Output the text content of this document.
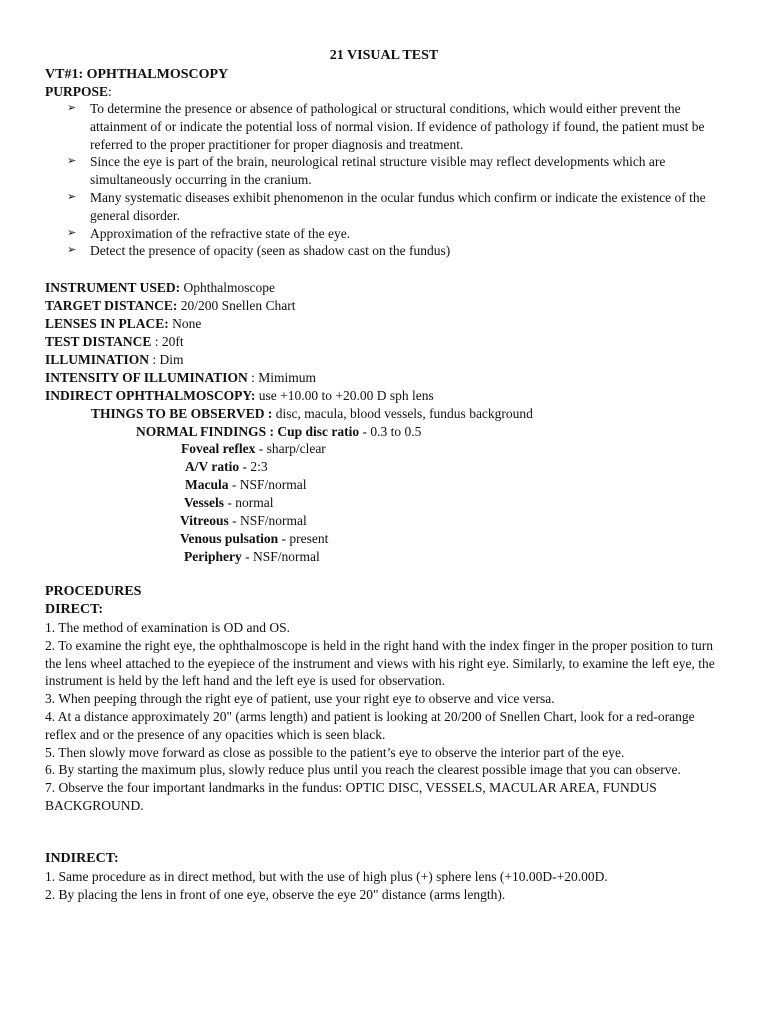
21 VISUAL TEST
VT#1: OPHTHALMOSCOPY
PURPOSE:
➢ To determine the presence or absence of pathological or structural conditions, which would either prevent the attainment of or indicate the potential loss of normal vision. If evidence of pathology if found, the patient must be referred to the proper practitioner for proper diagnosis and treatment.
➢ Since the eye is part of the brain, neurological retinal structure visible may reflect developments which are simultaneously occurring in the cranium.
➢ Many systematic diseases exhibit phenomenon in the ocular fundus which confirm or indicate the existence of the general disorder.
➢ Approximation of the refractive state of the eye.
➢ Detect the presence of opacity (seen as shadow cast on the fundus)
INSTRUMENT USED: Ophthalmoscope
TARGET DISTANCE: 20/200 Snellen Chart
LENSES IN PLACE: None
TEST DISTANCE : 20ft
ILLUMINATION : Dim
INTENSITY OF ILLUMINATION : Mimimum
INDIRECT OPHTHALMOSCOPY: use +10.00 to +20.00 D sph lens
THINGS TO BE OBSERVED : disc, macula, blood vessels, fundus background
NORMAL FINDINGS : Cup disc ratio - 0.3 to 0.5
Foveal reflex - sharp/clear
A/V ratio - 2:3
Macula - NSF/normal
Vessels - normal
Vitreous - NSF/normal
Venous pulsation - present
Periphery - NSF/normal
PROCEDURES
DIRECT:
1. The method of examination is OD and OS.
2. To examine the right eye, the ophthalmoscope is held in the right hand with the index finger in the proper position to turn the lens wheel attached to the eyepiece of the instrument and views with his right eye. Similarly, to examine the left eye, the instrument is held by the left hand and the left eye is used for observation.
3. When peeping through the right eye of patient, use your right eye to observe and vice versa.
4. At a distance approximately 20" (arms length) and patient is looking at 20/200 of Snellen Chart, look for a red-orange reflex and or the presence of any opacities which is seen black.
5. Then slowly move forward as close as possible to the patient’s eye to observe the interior part of the eye.
6. By starting the maximum plus, slowly reduce plus until you reach the clearest possible image that you can observe.
7. Observe the four important landmarks in the fundus: OPTIC DISC, VESSELS, MACULAR AREA, FUNDUS BACKGROUND.
INDIRECT:
1. Same procedure as in direct method, but with the use of high plus (+) sphere lens (+10.00D-+20.00D.
2. By placing the lens in front of one eye, observe the eye 20" distance (arms length).
